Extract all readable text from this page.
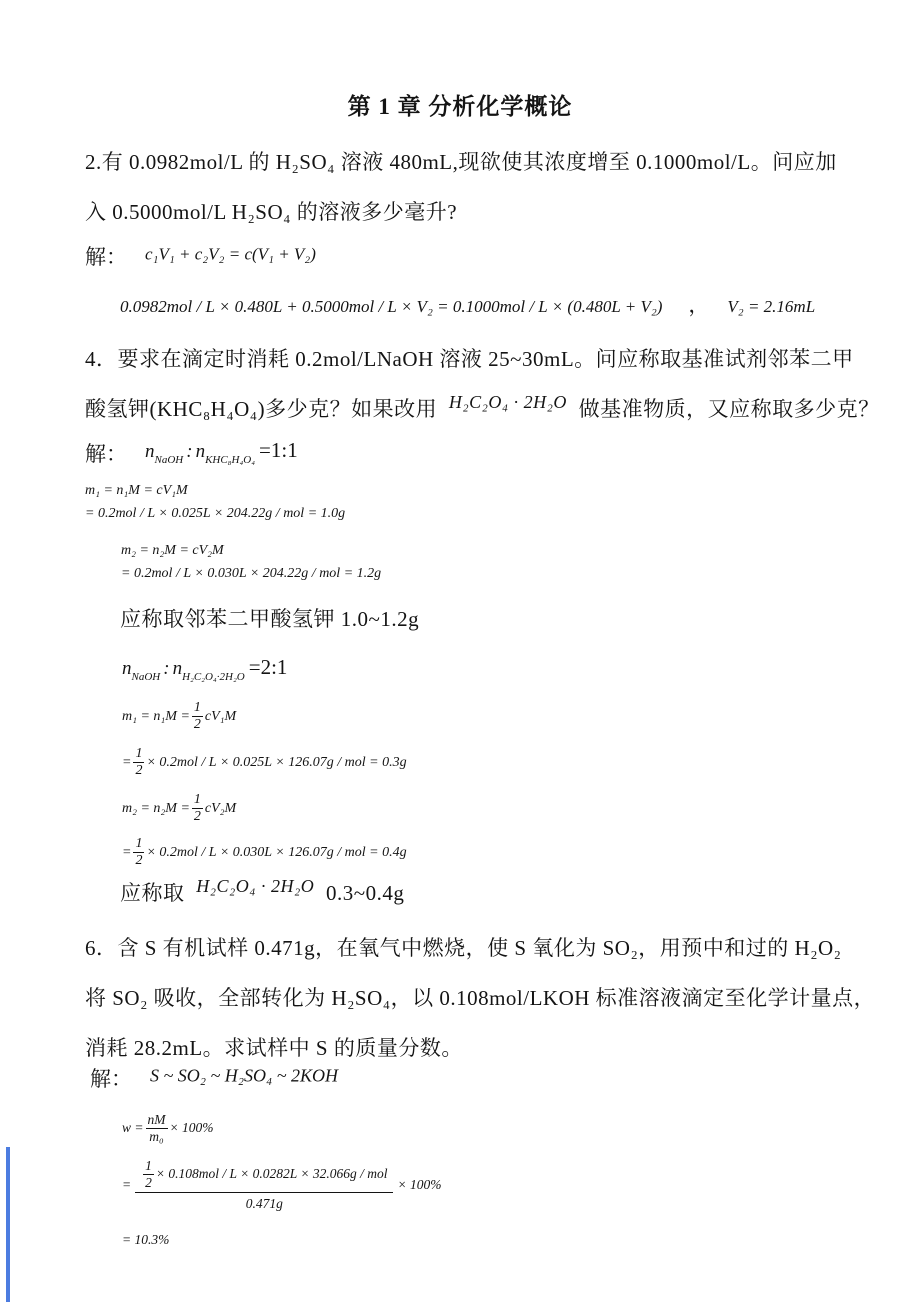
第 1 章 分析化学概论
2.有 0.0982mol/L 的 H₂SO₄ 溶液 480mL,现欲使其浓度增至 0.1000mol/L。问应加
入 0.5000mol/L H₂SO₄ 的溶液多少毫升?
解： c₁V₁ + c₂V₂ = c(V₁ + V₂)
0.0982mol / L × 0.480L + 0.5000mol / L × V₂ = 0.1000mol / L × (0.480L + V₂) ， V₂ = 2.16mL
4．要求在滴定时消耗 0.2mol/LNaOH 溶液 25~30mL。问应称取基准试剂邻苯二甲
酸氢钾(KHC₈H₄O₄)多少克？如果改用 H₂C₂O₄ · 2H₂O 做基准物质，又应称取多少克？
解： $n_{NaOH}$ : $n_{KHC_8H_4O_4}$ =1:1
m₁ = n₁M = cV₁M
= 0.2mol / L × 0.025L × 204.22g / mol = 1.0g
m₂ = n₂M = cV₂M
= 0.2mol / L × 0.030L × 204.22g / mol = 1.2g
应称取邻苯二甲酸氢钾 1.0~1.2g
$n_{NaOH}$ : $n_{H_2C_2O_4\cdot 2H_2O}$ =2:1
$m_1 = n_1M = \frac{1}{2} cV_1M$
= $\frac{1}{2} \times 0.2mol / L \times 0.025L \times 126.07g$ / mol = 0.3g
$m_2 = n_2M = \frac{1}{2} cV_2M$
= $\frac{1}{2} \times 0.2mol / L \times 0.030L \times 126.07g$ / mol = 0.4g
应称取 H₂C₂O₄ · 2H₂O 0.3~0.4g
6．含 S 有机试样 0.471g，在氧气中燃烧，使 S 氧化为 SO₂，用预中和过的 H₂O₂
将 SO₂ 吸收，全部转化为 H₂SO₄，以 0.108mol/LKOH 标准溶液滴定至化学计量点，
消耗 28.2mL。求试样中 S 的质量分数。
解： S ~ SO₂ ~ H₂SO₄ ~ 2KOH
$w = \frac{nM}{\text{m₀}} \times 100\%$
= $\frac{1}{2} \times 0.108mol / L \times 0.0282L \times 32.066g$ / mol
0.471g
× 100%
= 10.3%
